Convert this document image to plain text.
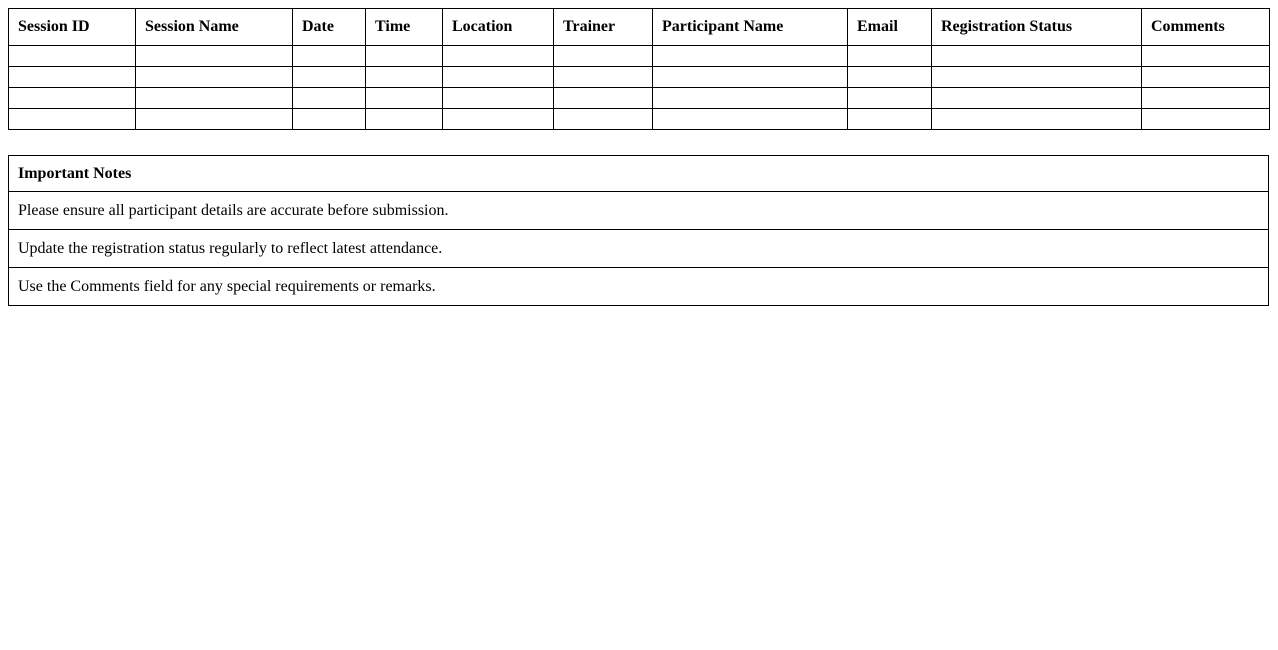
Session ID	Session Name	Date	Time	Location	Trainer	Participant Name	Email	Registration Status	Comments

Important Notes
Please ensure all participant details are accurate before submission.
Update the registration status regularly to reflect latest attendance.
Use the Comments field for any special requirements or remarks.
